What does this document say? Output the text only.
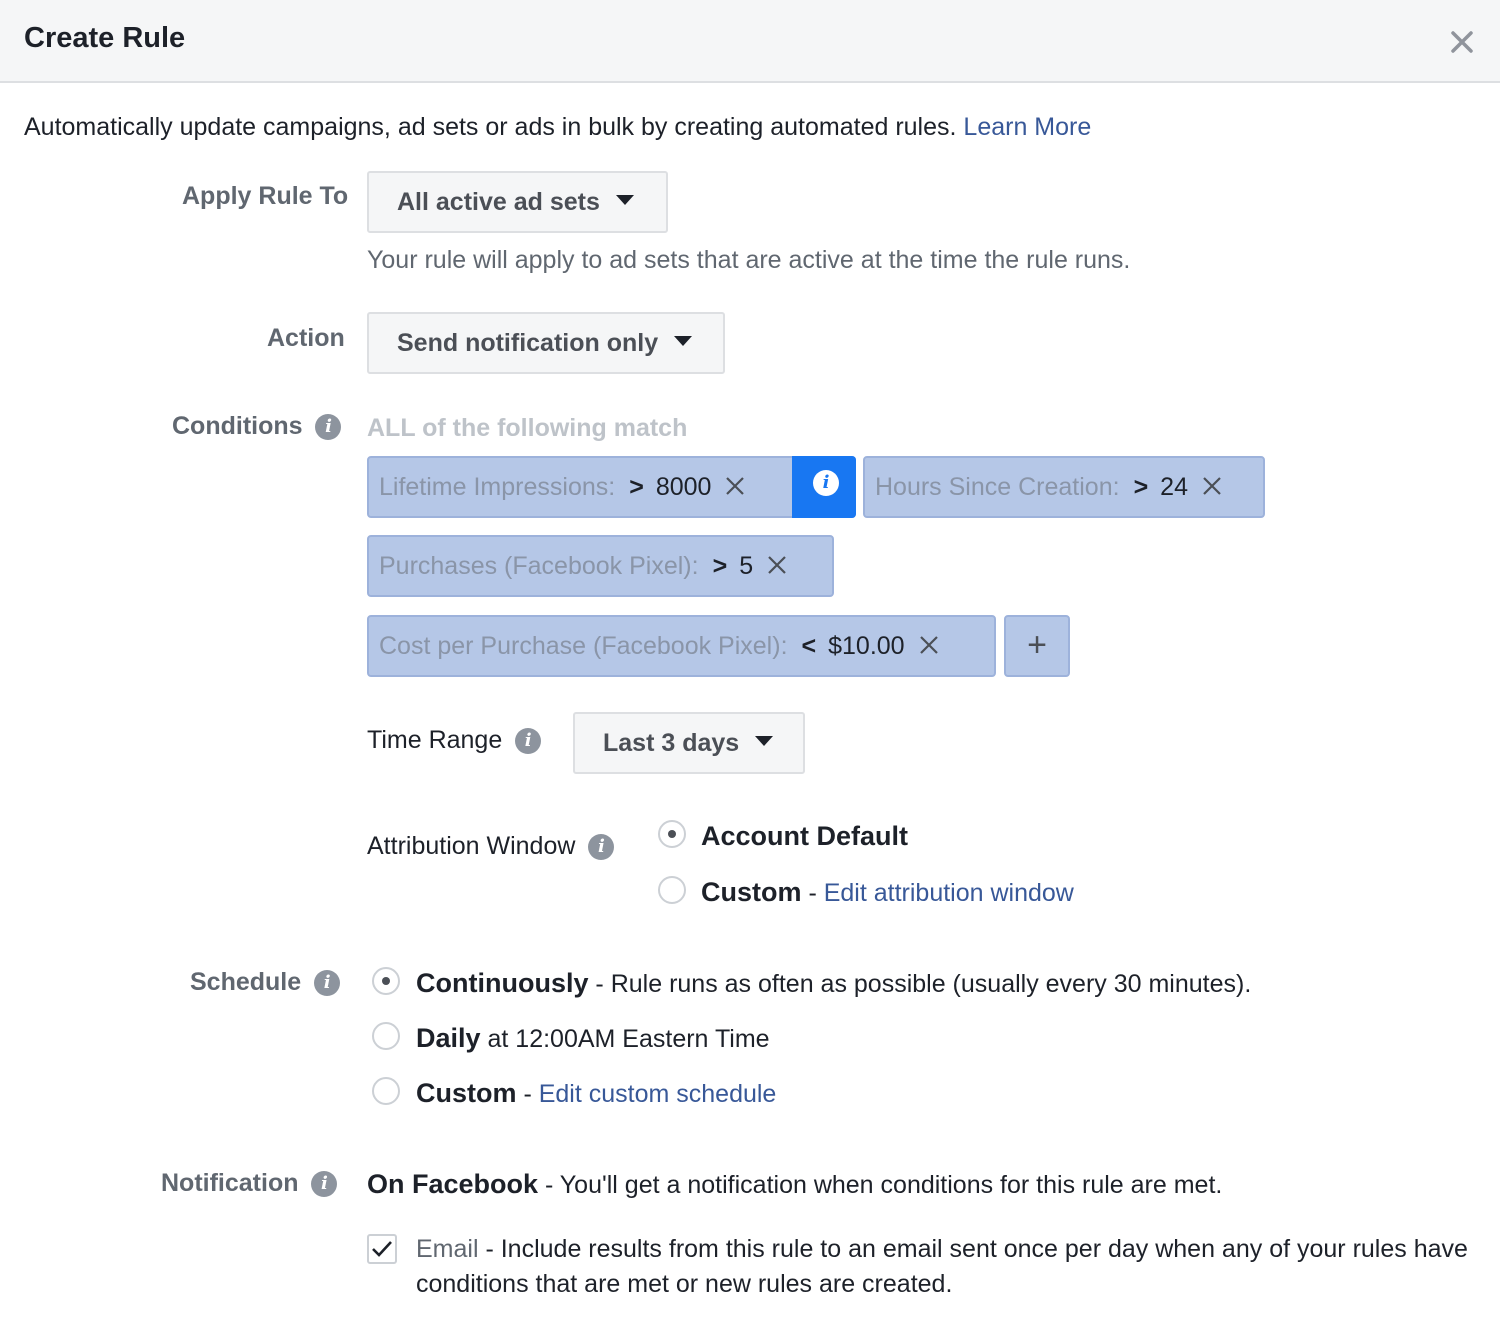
Create Rule
Automatically update campaigns, ad sets or ads in bulk by creating automated rules. Learn More
Apply Rule To	All active ad sets
Your rule will apply to ad sets that are active at the time the rule runs.
Action	Send notification only
Conditions i	ALL of the following match
Lifetime Impressions: > 8000	i	Hours Since Creation: > 24
Purchases (Facebook Pixel): > 5
Cost per Purchase (Facebook Pixel): < $10.00	+
Time Range i	Last 3 days
Attribution Window i	Account Default
Custom - Edit attribution window
Schedule i	Continuously - Rule runs as often as possible (usually every 30 minutes).
Daily at 12:00AM Eastern Time
Custom - Edit custom schedule
Notification i	On Facebook - You'll get a notification when conditions for this rule are met.
Email - Include results from this rule to an email sent once per day when any of your rules have conditions that are met or new rules are created.
